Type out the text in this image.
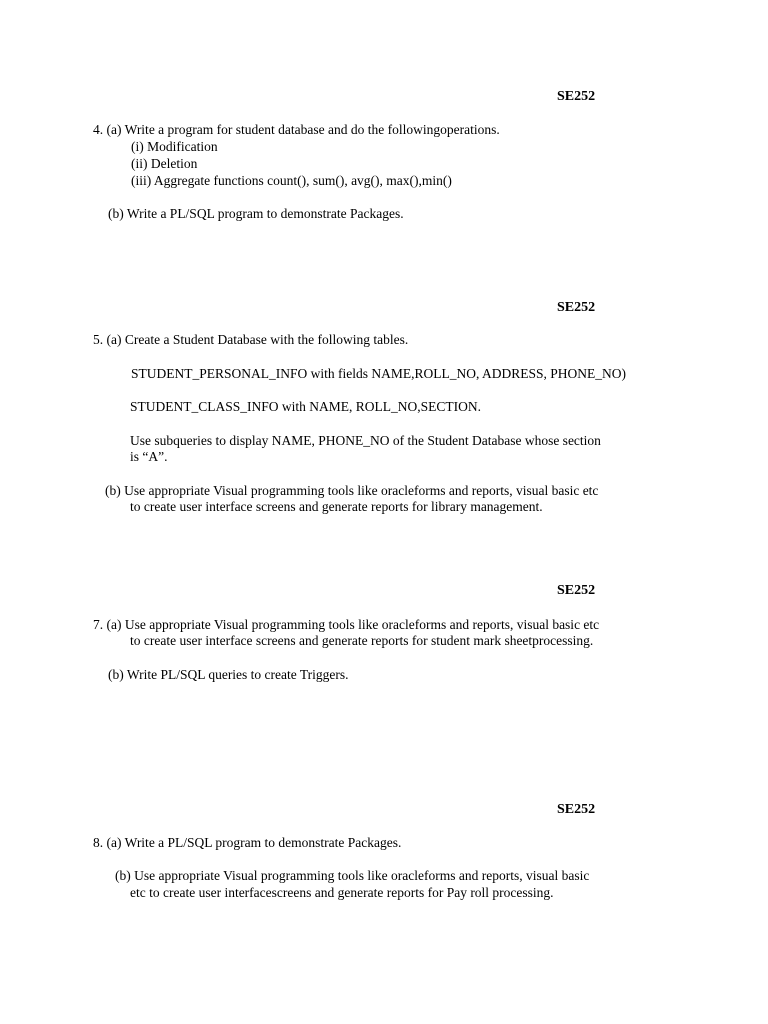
SE252
4. (a) Write a program for student database and do the followingoperations.
(i) Modification
(ii) Deletion
(iii) Aggregate functions count(), sum(), avg(), max(),min()
(b) Write a PL/SQL program to demonstrate Packages.
SE252
5. (a) Create a Student Database with the following tables.
STUDENT_PERSONAL_INFO with fields NAME,ROLL_NO, ADDRESS, PHONE_NO)
STUDENT_CLASS_INFO with NAME, ROLL_NO,SECTION.
Use subqueries to display NAME, PHONE_NO of the Student Database whose section
is “A”.
(b) Use appropriate Visual programming tools like oracleforms and reports, visual basic etc
to create user interface screens and generate reports for library management.
SE252
7. (a) Use appropriate Visual programming tools like oracleforms and reports, visual basic etc
to create user interface screens and generate reports for student mark sheetprocessing.
(b) Write PL/SQL queries to create Triggers.
SE252
8. (a) Write a PL/SQL program to demonstrate Packages.
(b) Use appropriate Visual programming tools like oracleforms and reports, visual basic
etc to create user interfacescreens and generate reports for Pay roll processing.
